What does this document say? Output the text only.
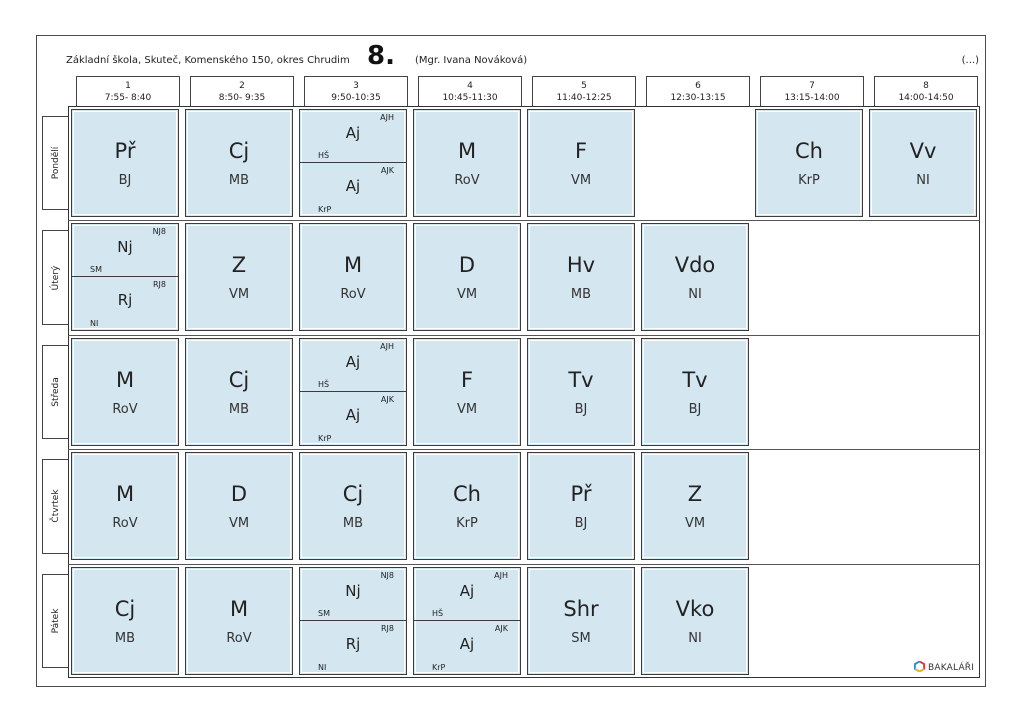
Základní škola, Skuteč, Komenského 150, okres Chrudim 8. (Mgr. Ivana Nováková)	(...)
1
7:55- 8:40
2
8:50- 9:35
3
9:50-10:35
4
10:45-11:30
5
11:40-12:25
6
12:30-13:15
7
13:15-14:00
8
14:00-14:50
Pondělí
Úterý
Středa
Čtvrtek
Pátek
Př
BJ
Cj
MB
AJH
Aj
HŠ
AJK
Aj
KrP
M
RoV
F
VM
Ch
KrP
Vv
NI
NJ8
Nj
SM
RJ8
Rj
NI
Z
VM
M
RoV
D
VM
Hv
MB
Vdo
NI
M
RoV
Cj
MB
AJH
Aj
HŠ
AJK
Aj
KrP
F
VM
Tv
BJ
Tv
BJ
M
RoV
D
VM
Cj
MB
Ch
KrP
Př
BJ
Z
VM
Cj
MB
M
RoV
NJ8
Nj
SM
RJ8
Rj
NI
AJH
Aj
HŠ
AJK
Aj
KrP
Shr
SM
Vko
NI
BAKALÁŘI
